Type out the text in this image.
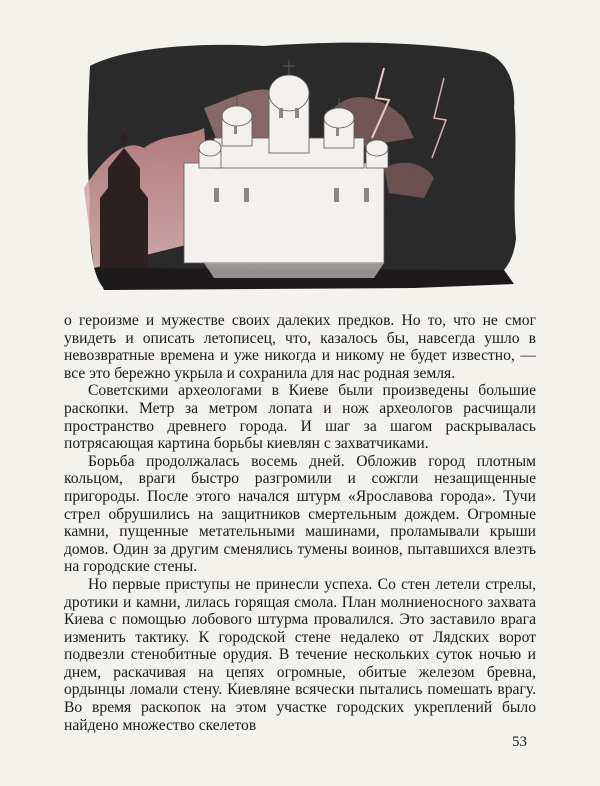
о героизме и мужестве своих далеких предков. Но то, что не смог увидеть и описать летописец, что, казалось бы, навсегда ушло в невозвратные времена и уже никогда и никому не будет известно, — все это бережно укрыла и сохранила для нас родная земля.

Советскими археологами в Киеве были произведены большие раскопки. Метр за метром лопата и нож археологов расчищали пространство древнего города. И шаг за шагом раскрывалась потрясающая картина борьбы киевлян с захватчиками.

Борьба продолжалась восемь дней. Обложив город плотным кольцом, враги быстро разгромили и сожгли незащищенные пригороды. После этого начался штурм «Ярославова города». Тучи стрел обрушились на защитников смертельным дождем. Огромные камни, пущенные метательными машинами, проламывали крыши домов. Один за другим сменялись тумены воинов, пытавшихся влезть на городские стены.

Но первые приступы не принесли успеха. Со стен летели стрелы, дротики и камни, лилась горящая смола. План молниеносного захвата Киева с помощью лобового штурма провалился. Это заставило врага изменить тактику. К городской стене недалеко от Лядских ворот подвезли стенобитные орудия. В течение нескольких суток ночью и днем, раскачивая на цепях огромные, обитые железом бревна, ордынцы ломали стену. Киевляне всячески пытались помешать врагу. Во время раскопок на этом участке городских укреплений было найдено множество скелетов

53
